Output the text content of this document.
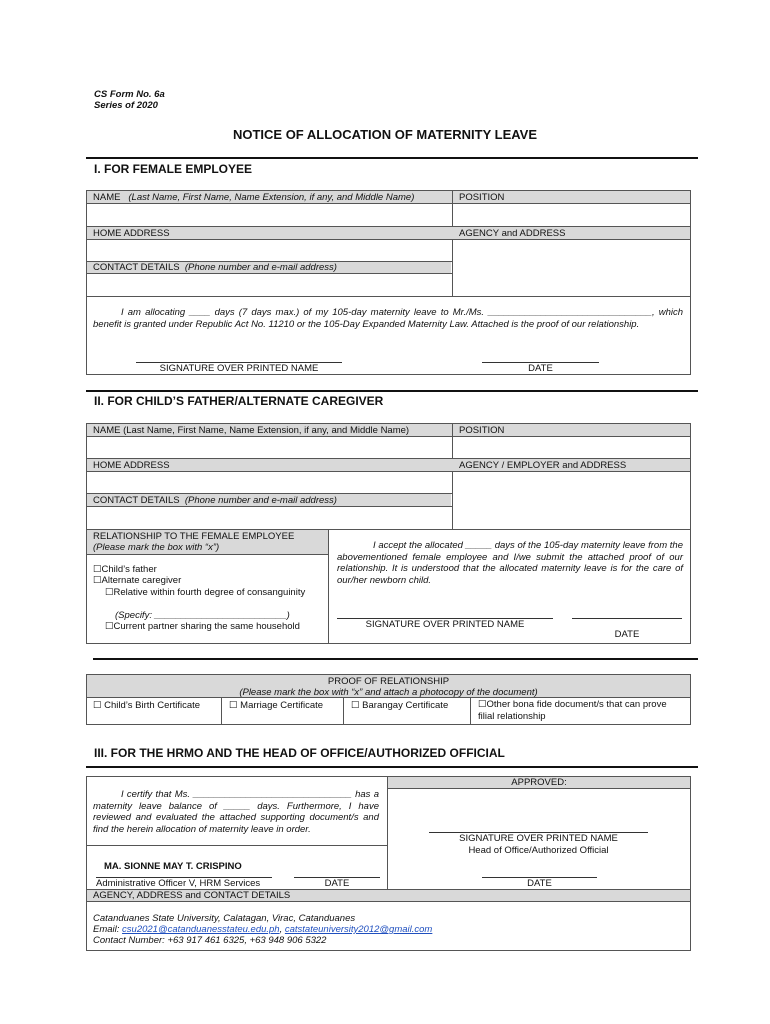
CS Form No. 6a
Series of 2020
NOTICE OF ALLOCATION OF MATERNITY LEAVE
I. FOR FEMALE EMPLOYEE
NAME (Last Name, First Name, Name Extension, if any, and Middle Name)	POSITION
HOME ADDRESS	AGENCY and ADDRESS
CONTACT DETAILS (Phone number and e-mail address)
I am allocating ____ days (7 days max.) of my 105-day maternity leave to Mr./Ms. _______________________________, which benefit is granted under Republic Act No. 11210 or the 105-Day Expanded Maternity Law. Attached is the proof of our relationship.
SIGNATURE OVER PRINTED NAME	DATE
II. FOR CHILD’S FATHER/ALTERNATE CAREGIVER
NAME (Last Name, First Name, Name Extension, if any, and Middle Name)	POSITION
HOME ADDRESS	AGENCY / EMPLOYER and ADDRESS
CONTACT DETAILS (Phone number and e-mail address)
RELATIONSHIP TO THE FEMALE EMPLOYEE
(Please mark the box with “x”)
☐Child’s father
☐Alternate caregiver
☐Relative within fourth degree of consanguinity
(Specify: _________________________)
☐Current partner sharing the same household
I accept the allocated _____ days of the 105-day maternity leave from the abovementioned female employee and I/we submit the attached proof of our relationship. It is understood that the allocated maternity leave is for the care of our/her newborn child.
SIGNATURE OVER PRINTED NAME
DATE
PROOF OF RELATIONSHIP
(Please mark the box with “x” and attach a photocopy of the document)
☐ Child’s Birth Certificate	☐ Marriage Certificate	☐ Barangay Certificate	☐Other bona fide document/s that can prove filial relationship
III. FOR THE HRMO AND THE HEAD OF OFFICE/AUTHORIZED OFFICIAL
APPROVED:
I certify that Ms. ______________________________ has a maternity leave balance of _____ days. Furthermore, I have reviewed and evaluated the attached supporting document/s and find the herein allocation of maternity leave in order.
MA. SIONNE MAY T. CRISPINO
Administrative Officer V, HRM Services	DATE
SIGNATURE OVER PRINTED NAME
Head of Office/Authorized Official
DATE
AGENCY, ADDRESS and CONTACT DETAILS
Catanduanes State University, Calatagan, Virac, Catanduanes
Email: csu2021@catanduanesstateu.edu.ph, catstateuniversity2012@gmail.com
Contact Number: +63 917 461 6325, +63 948 906 5322
